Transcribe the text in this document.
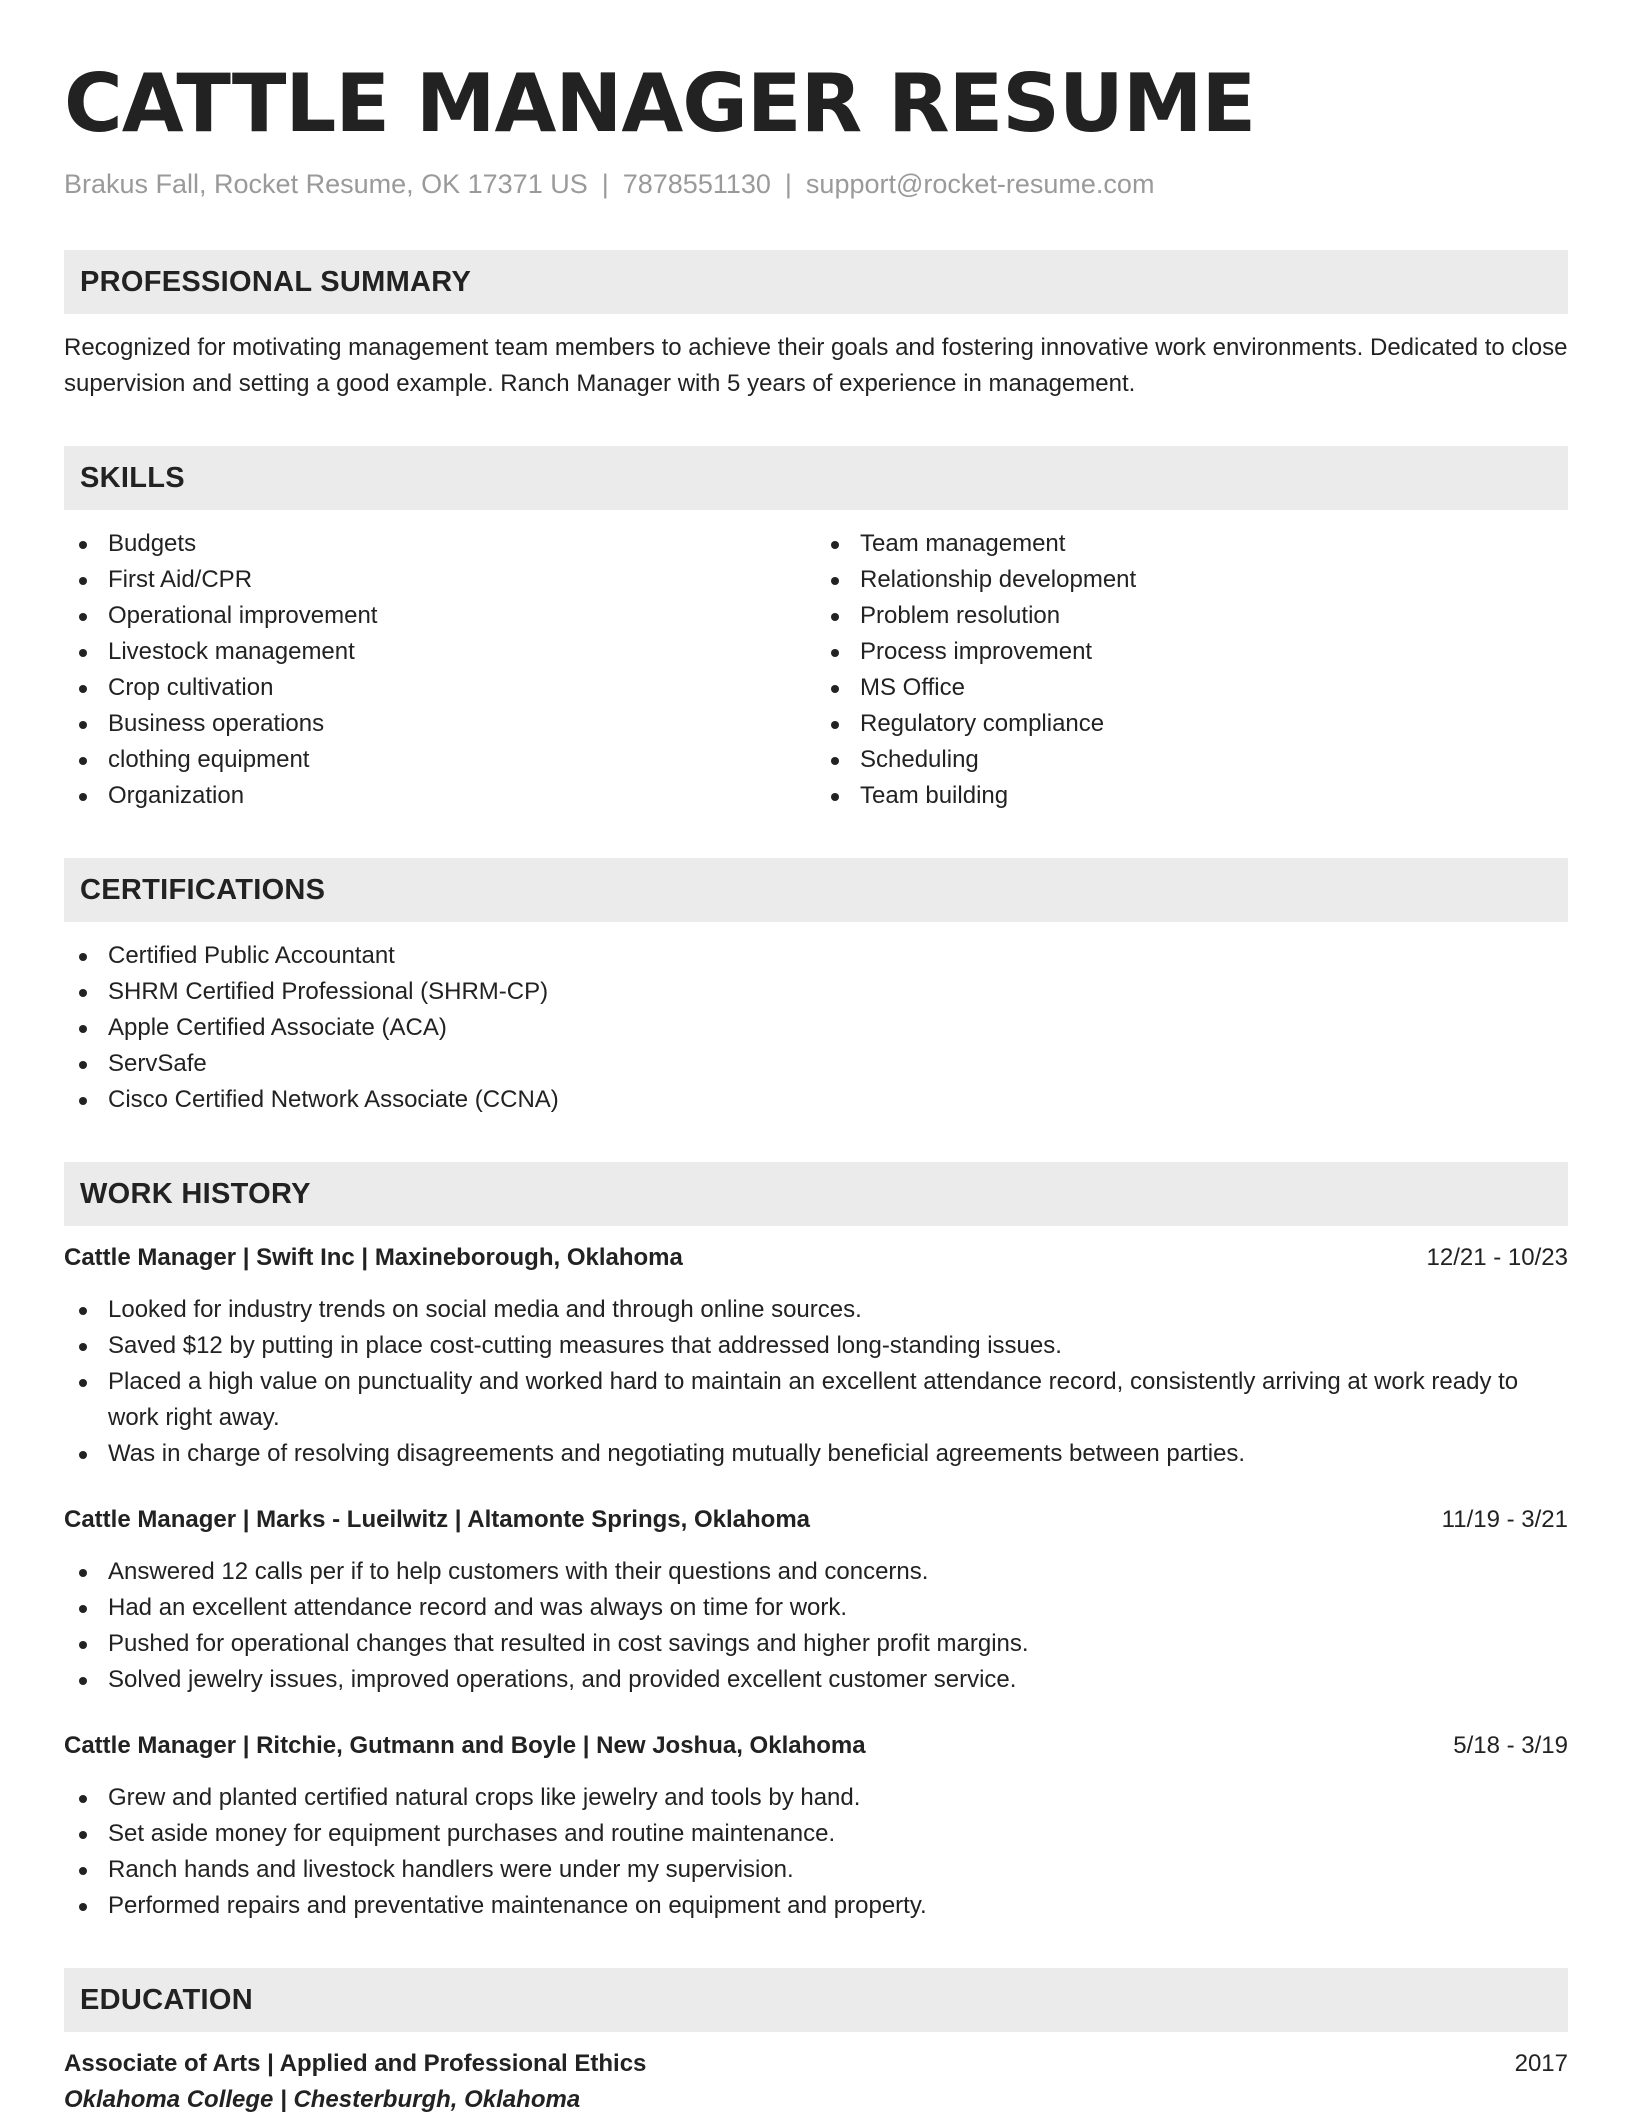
CATTLE MANAGER RESUME
Brakus Fall, Rocket Resume, OK 17371 US | 7878551130 | support@rocket-resume.com
PROFESSIONAL SUMMARY
Recognized for motivating management team members to achieve their goals and fostering innovative work environments. Dedicated to close supervision and setting a good example. Ranch Manager with 5 years of experience in management.
SKILLS
Budgets
First Aid/CPR
Operational improvement
Livestock management
Crop cultivation
Business operations
clothing equipment
Organization
Team management
Relationship development
Problem resolution
Process improvement
MS Office
Regulatory compliance
Scheduling
Team building
CERTIFICATIONS
Certified Public Accountant
SHRM Certified Professional (SHRM-CP)
Apple Certified Associate (ACA)
ServSafe
Cisco Certified Network Associate (CCNA)
WORK HISTORY
Cattle Manager | Swift Inc | Maxineborough, Oklahoma	12/21 - 10/23
Looked for industry trends on social media and through online sources.
Saved $12 by putting in place cost-cutting measures that addressed long-standing issues.
Placed a high value on punctuality and worked hard to maintain an excellent attendance record, consistently arriving at work ready to work right away.
Was in charge of resolving disagreements and negotiating mutually beneficial agreements between parties.
Cattle Manager | Marks - Lueilwitz | Altamonte Springs, Oklahoma	11/19 - 3/21
Answered 12 calls per if to help customers with their questions and concerns.
Had an excellent attendance record and was always on time for work.
Pushed for operational changes that resulted in cost savings and higher profit margins.
Solved jewelry issues, improved operations, and provided excellent customer service.
Cattle Manager | Ritchie, Gutmann and Boyle | New Joshua, Oklahoma	5/18 - 3/19
Grew and planted certified natural crops like jewelry and tools by hand.
Set aside money for equipment purchases and routine maintenance.
Ranch hands and livestock handlers were under my supervision.
Performed repairs and preventative maintenance on equipment and property.
EDUCATION
Associate of Arts | Applied and Professional Ethics	2017
Oklahoma College | Chesterburgh, Oklahoma
